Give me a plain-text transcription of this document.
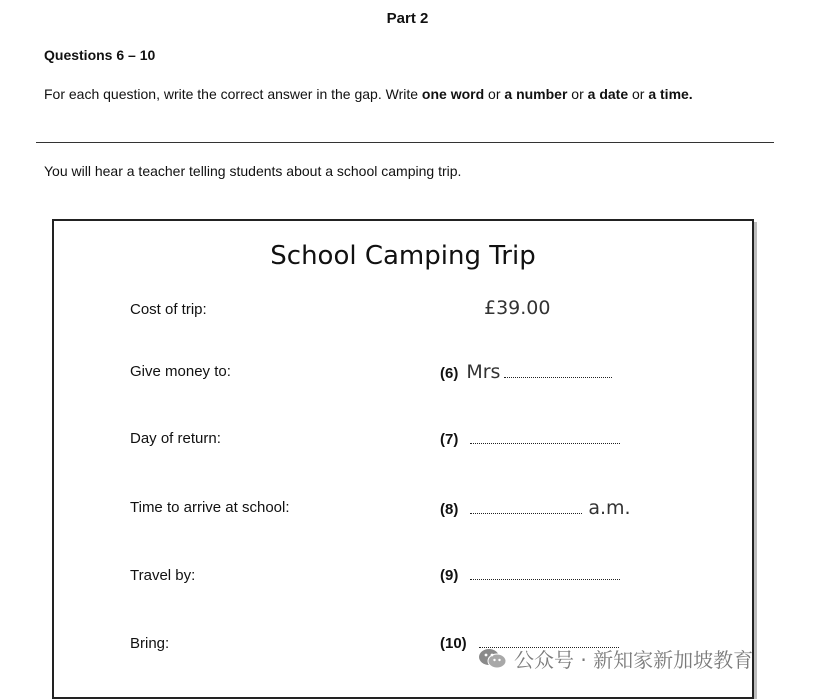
Part 2
Questions 6 – 10
For each question, write the correct answer in the gap. Write one word or a number or a date or a time.
You will hear a teacher telling students about a school camping trip.
School Camping Trip
Cost of trip:	£39.00
Give money to:	(6) Mrs
Day of return:	(7)
Time to arrive at school:	(8)	a.m.
Travel by:	(9)
Bring:	(10)
公众号 · 新知家新加坡教育
